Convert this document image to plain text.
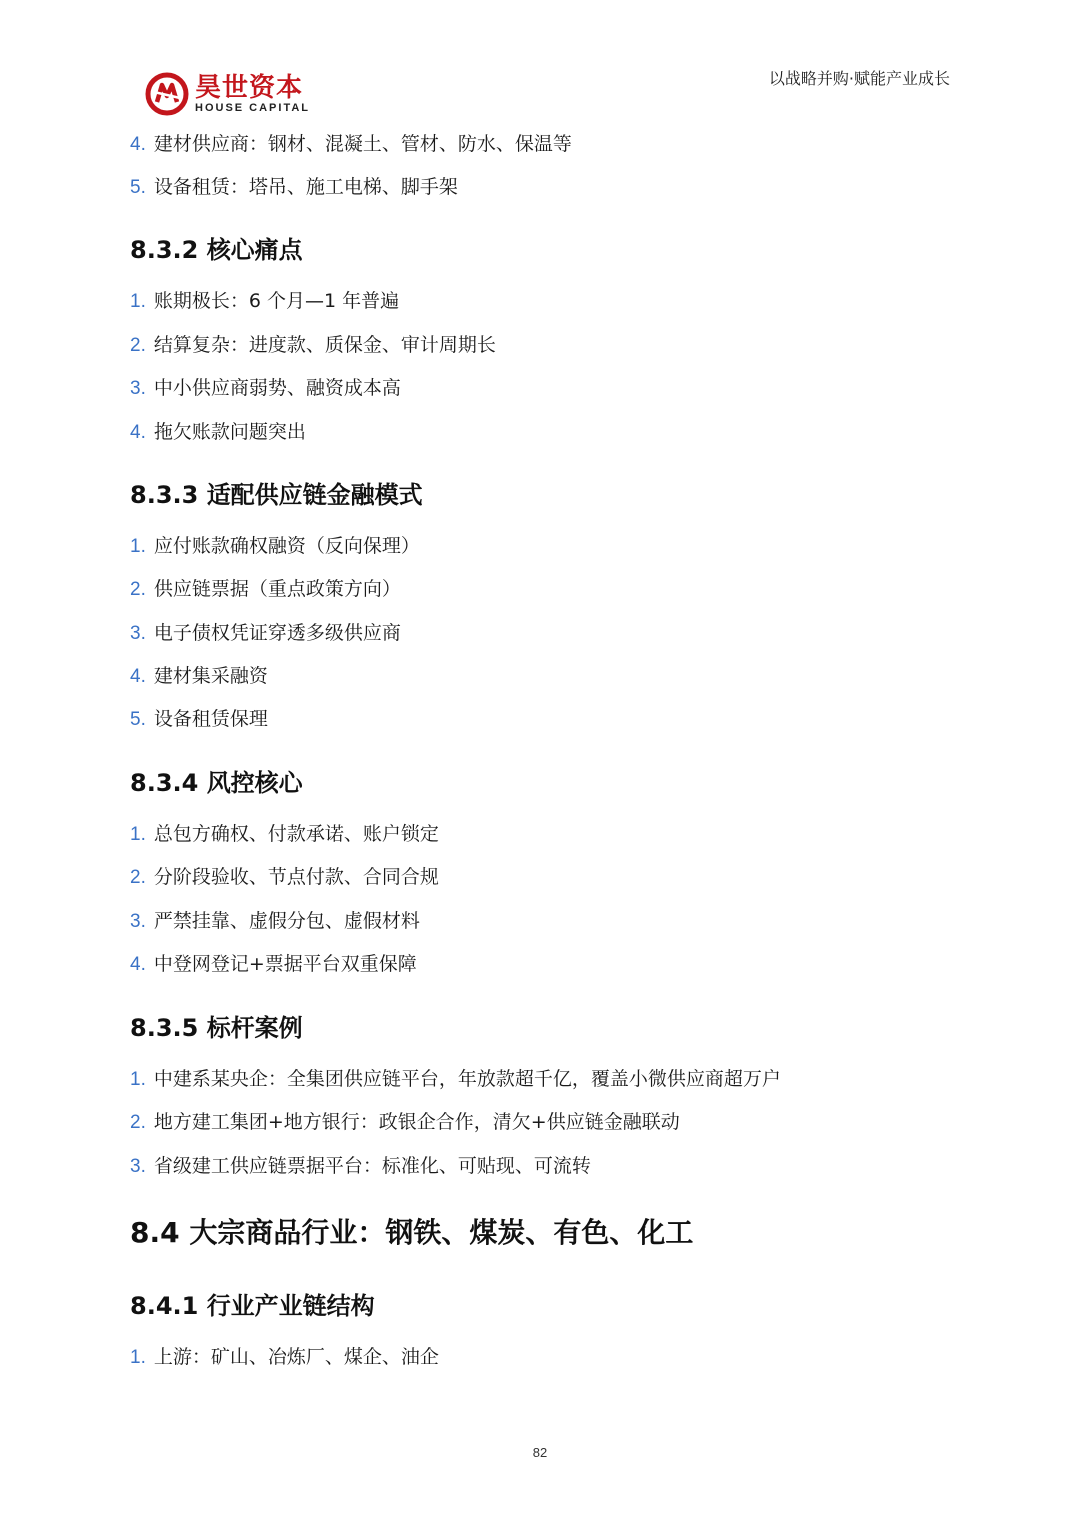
昊世资本
HOUSE CAPITAL
以战略并购·赋能产业成长
4. 建材供应商：钢材、混凝土、管材、防水、保温等
5. 设备租赁：塔吊、施工电梯、脚手架
8.3.2 核心痛点
1. 账期极长：6 个月—1 年普遍
2. 结算复杂：进度款、质保金、审计周期长
3. 中小供应商弱势、融资成本高
4. 拖欠账款问题突出
8.3.3 适配供应链金融模式
1. 应付账款确权融资（反向保理）
2. 供应链票据（重点政策方向）
3. 电子债权凭证穿透多级供应商
4. 建材集采融资
5. 设备租赁保理
8.3.4 风控核心
1. 总包方确权、付款承诺、账户锁定
2. 分阶段验收、节点付款、合同合规
3. 严禁挂靠、虚假分包、虚假材料
4. 中登网登记+票据平台双重保障
8.3.5 标杆案例
1. 中建系某央企：全集团供应链平台，年放款超千亿，覆盖小微供应商超万户
2. 地方建工集团+地方银行：政银企合作，清欠+供应链金融联动
3. 省级建工供应链票据平台：标准化、可贴现、可流转
8.4 大宗商品行业：钢铁、煤炭、有色、化工
8.4.1 行业产业链结构
1. 上游：矿山、冶炼厂、煤企、油企
82
